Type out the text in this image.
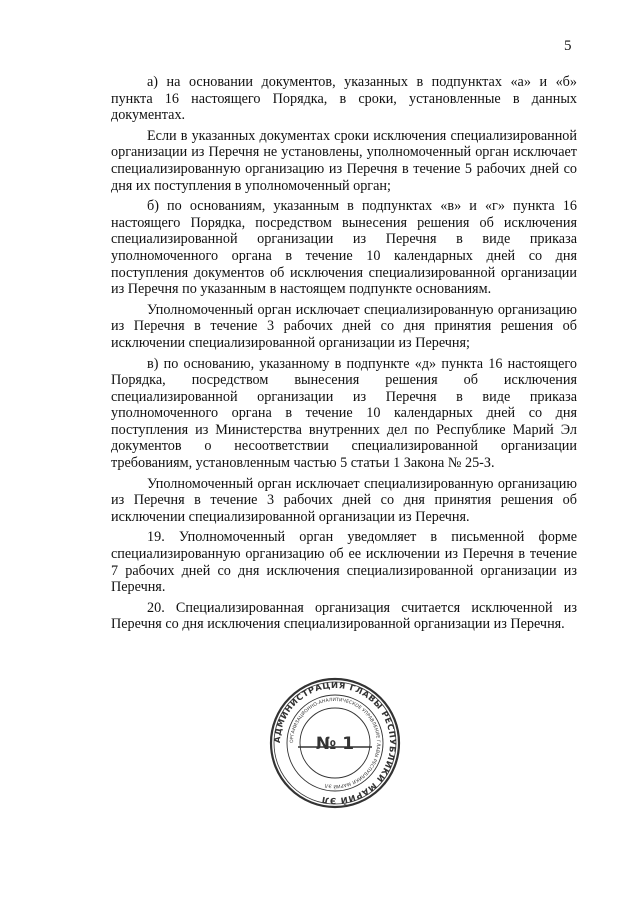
5

а) на основании документов, указанных в подпунктах «а» и «б» пункта 16 настоящего Порядка, в сроки, установленные в данных документах.

Если в указанных документах сроки исключения специализированной организации из Перечня не установлены, уполномоченный орган исключает специализированную организацию из Перечня в течение 5 рабочих дней со дня их поступления в уполномоченный орган;

б) по основаниям, указанным в подпунктах «в» и «г» пункта 16 настоящего Порядка, посредством вынесения решения об исключения специализированной организации из Перечня в виде приказа уполномоченного органа в течение 10 календарных дней со дня поступления документов об исключения специализированной организации из Перечня по указанным в настоящем подпункте основаниям.

Уполномоченный орган исключает специализированную организацию из Перечня в течение 3 рабочих дней со дня принятия решения об исключении специализированной организации из Перечня;

в) по основанию, указанному в подпункте «д» пункта 16 настоящего Порядка, посредством вынесения решения об исключения специализированной организации из Перечня в виде приказа уполномоченного органа в течение 10 календарных дней со дня поступления из Министерства внутренних дел по Республике Марий Эл документов о несоответствии специализированной организации требованиям, установленным частью 5 статьи 1 Закона № 25-З.

Уполномоченный орган исключает специализированную организацию из Перечня в течение 3 рабочих дней со дня принятия решения об исключении специализированной организации из Перечня.

19. Уполномоченный орган уведомляет в письменной форме специализированную организацию об ее исключении из Перечня в течение 7 рабочих дней со дня исключения специализированной организации из Перечня.

20. Специализированная организация считается исключенной из Перечня со дня исключения специализированной организации из Перечня.

АДМИНИСТРАЦИЯ ГЛАВЫ РЕСПУБЛИКИ МАРИЙ ЭЛ
ОРГАНИЗАЦИОННО-АНАЛИТИЧЕСКОЕ УПРАВЛЕНИЕ ГЛАВЫ РЕСПУБЛИКИ МАРИЙ ЭЛ
№ 1
